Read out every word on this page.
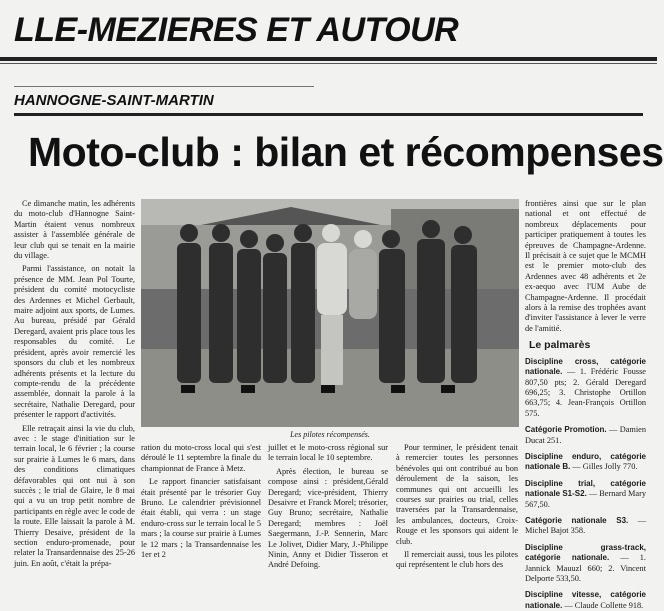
LLE-MEZIERES ET AUTOUR
HANNOGNE-SAINT-MARTIN
Moto-club : bilan et récompenses

Ce dimanche matin, les adhérents du moto-club d'Hannogne Saint-Martin étaient venus nombreux assister à l'assemblée générale de leur club qui se tenait en la mairie du village.

Parmi l'assistance, on notait la présence de MM. Jean Pol Tourte, président du comité motocycliste des Ardennes et Michel Gerbault, maire adjoint aux sports, de Lumes. Au bureau, présidé par Gérald Deregard, avaient pris place tous les responsables du comité. Le président, après avoir remercié les sponsors du club et les nombreux adhérents présents et la lecture du compte-rendu de la précédente assemblée, donnait la parole à la secrétaire, Nathalie Deregard, pour présenter le rapport d'activités.

Elle retraçait ainsi la vie du club, avec : le stage d'initiation sur le terrain local, le 6 février ; la course sur prairie à Lumes le 6 mars, dans des conditions climatiques défavorables qui ont nui à son succès ; le trial de Glaire, le 8 mai qui a vu un trop petit nombre de participants en règle avec le code de la route. Elle laissait la parole à M. Thierry Desaive, président de la section enduro-promenade, pour relater la Transardennaise des 25-26 juin. En août, c'était la prépa-

Les pilotes récompensés.

ration du moto-cross local qui s'est déroulé le 11 septembre la finale du championnat de France à Metz.

Le rapport financier satisfaisant était présenté par le trésorier Guy Bruno. Le calendrier prévisionnel était établi, qui verra : un stage enduro-cross sur le terrain local le 5 mars ; la course sur prairie à Lumes le 12 mars ; la Transardennaise les 1er et 2

juillet et le moto-cross régional sur le terrain local le 10 septembre.

Après élection, le bureau se compose ainsi : président,Gérald Deregard; vice-président, Thierry Desaivre et Franck Morel; trésorier, Guy Bruno; secrétaire, Nathalie Deregard; membres : Joël Saegermann, J.-P. Sennerin, Marc Le Jolivet, Didier Mary, J.-Philippe Ninin, Anny et Didier Tisseron et André Defoing.

Pour terminer, le président tenait à remercier toutes les personnes bénévoles qui ont contribué au bon déroulement de la saison, les communes qui ont accueilli les courses sur prairies ou trial, celles traversées par la Transardennaise, les ambulances, docteurs, Croix-Rouge et les sponsors qui aident le club.

Il remerciait aussi, tous les pilotes qui représentent le club hors des

frontières ainsi que sur le plan national et ont effectué de nombreux déplacements pour participer pratiquement à toutes les épreuves de Champagne-Ardenne. Il précisait à ce sujet que le MCMH est le premier moto-club des Ardennes avec 48 adhérents et 2e ex-aequo avec l'UM Aube de Champagne-Ardenne. Il procédait alors à la remise des trophées avant d'inviter l'assistance à lever le verre de l'amitié.

Le palmarès
Discipline cross, catégorie nationale. — 1. Frédéric Fousse 807,50 pts; 2. Gérald Deregard 696,25; 3. Christophe Ortillon 663,75; 4. Jean-François Ortillon 575.
Catégorie Promotion. — Damien Ducat 251.
Discipline enduro, catégorie nationale B. — Gilles Jolly 770.
Discipline trial, catégorie nationale S1-S2. — Bernard Mary 567,50.
Catégorie nationale S3. — Michel Bajot 358.
Discipline grass-track, catégorie nationale. — 1. Jannick Mauuzl 660; 2. Vincent Delporte 533,50.
Discipline vitesse, catégorie nationale. — Claude Collette 918.
